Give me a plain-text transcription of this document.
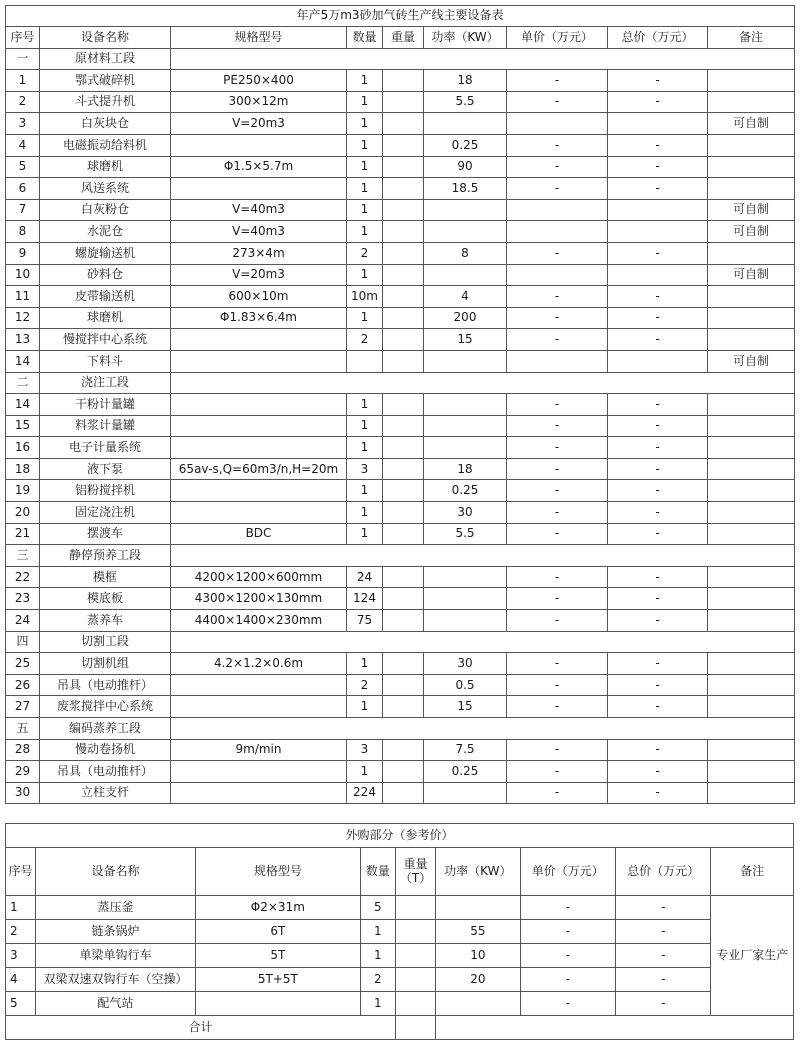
年产5万m3砂加气砖生产线主要设备表								
序号	设备名称	规格型号	数量	重量	功率（KW）	单价（万元）	总价（万元）	备注
一	原材料工段							
1	鄂式破碎机	PE250×400	1		18	-	-	
2	斗式提升机	300×12m	1		5.5	-	-	
3	白灰块仓	V=20m3	1					可自制
4	电磁振动给料机		1		0.25	-	-	
5	球磨机	Φ1.5×5.7m	1		90	-	-	
6	风送系统		1		18.5	-	-	
7	白灰粉仓	V=40m3	1					可自制
8	水泥仓	V=40m3	1					可自制
9	螺旋输送机	273×4m	2		8	-	-	
10	砂料仓	V=20m3	1					可自制
11	皮带输送机	600×10m	10m		4	-	-	
12	球磨机	Φ1.83×6.4m	1		200	-	-	
13	慢搅拌中心系统		2		15	-	-	
14	下料斗							可自制
二	浇注工段							
14	干粉计量罐		1			-	-	
15	料浆计量罐		1			-	-	
16	电子计量系统		1			-	-	
18	液下泵	65av-s,Q=60m3/n,H=20m	3		18	-	-	
19	铝粉搅拌机		1		0.25	-	-	
20	固定浇注机		1		30	-	-	
21	摆渡车	BDC	1		5.5	-	-	
三	静停预养工段							
22	模框	4200×1200×600mm	24			-	-	
23	模底板	4300×1200×130mm	124			-	-	
24	蒸养车	4400×1400×230mm	75			-	-	
四	切割工段							
25	切割机组	4.2×1.2×0.6m	1		30	-	-	
26	吊具（电动推杆）		2		0.5	-	-	
27	废浆搅拌中心系统		1		15	-	-	
五	编码蒸养工段							
28	慢动卷扬机	9m/min	3		7.5	-	-	
29	吊具（电动推杆）		1		0.25	-	-	
30	立柱支杆		224			-	-	
外购部分（参考价）								
序号	设备名称	规格型号	数量	重量（T）	功率（KW）	单价（万元）	总价（万元）	备注
1	蒸压釜	Φ2×31m	5			-	-	专业厂家生产
2	链条锅炉	6T	1		55	-	-	
3	单梁单钩行车	5T	1		10	-	-	
4	双梁双速双钩行车（空操）	5T+5T	2		20	-	-	
5	配气站		1			-	-	
合计								
